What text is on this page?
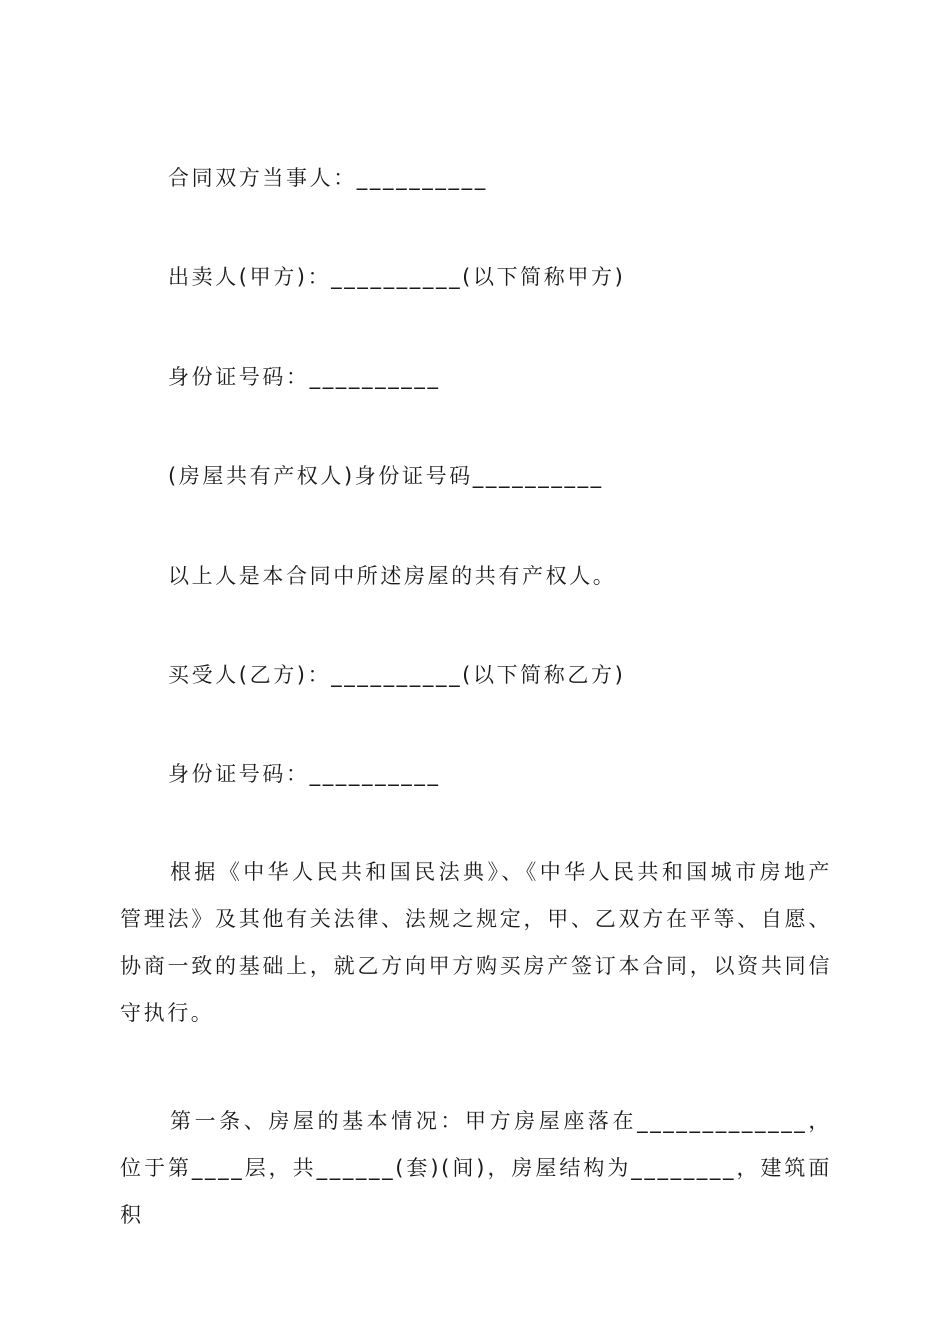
合同双方当事人：__________
出卖人(甲方)：__________(以下简称甲方)
身份证号码：__________
(房屋共有产权人)身份证号码__________
以上人是本合同中所述房屋的共有产权人。
买受人(乙方)：__________(以下简称乙方)
身份证号码：__________
根据《中华人民共和国民法典》、《中华人民共和国城市房地产管理法》及其他有关法律、法规之规定，甲、乙双方在平等、自愿、协商一致的基础上，就乙方向甲方购买房产签订本合同，以资共同信守执行。
第一条、房屋的基本情况：甲方房屋座落在_____________，位于第____层，共______(套)(间)，房屋结构为________，建筑面积
